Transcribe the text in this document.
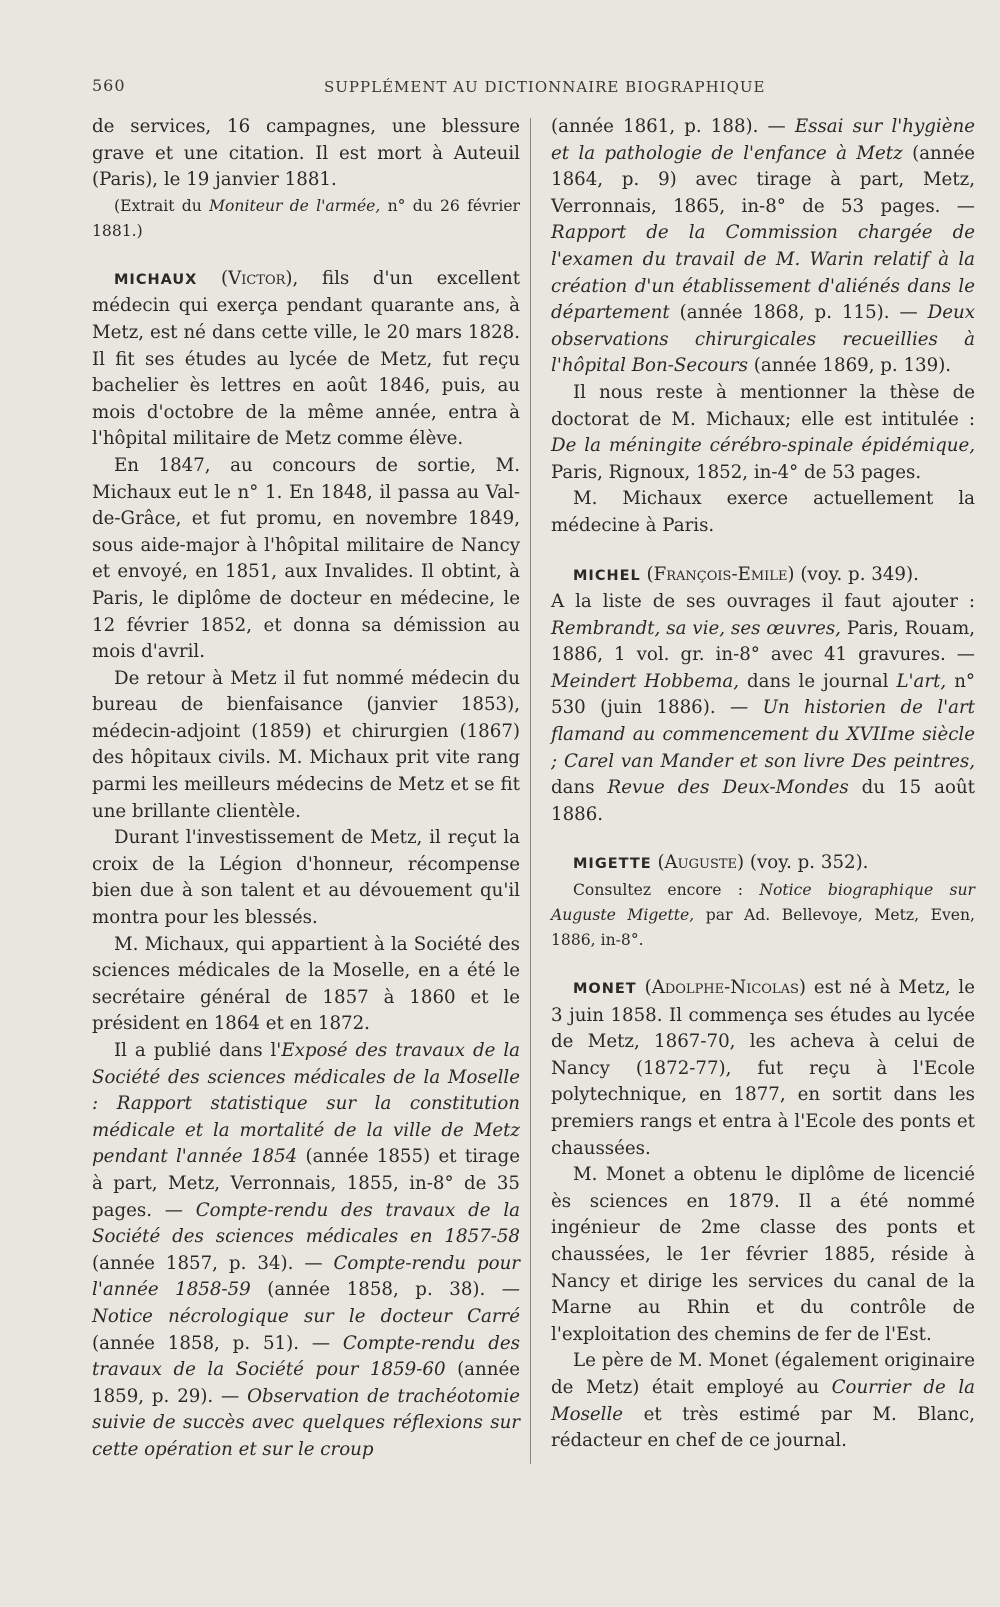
560	SUPPLÉMENT AU DICTIONNAIRE BIOGRAPHIQUE

de services, 16 campagnes, une blessure grave et une citation. Il est mort à Auteuil (Paris), le 19 janvier 1881.

(Extrait du Moniteur de l'armée, n° du 26 février 1881.)

MICHAUX (Victor), fils d'un excellent médecin qui exerça pendant quarante ans, à Metz, est né dans cette ville, le 20 mars 1828. Il fit ses études au lycée de Metz, fut reçu bachelier ès lettres en août 1846, puis, au mois d'octobre de la même année, entra à l'hôpital militaire de Metz comme élève.

En 1847, au concours de sortie, M. Michaux eut le n° 1. En 1848, il passa au Val-de-Grâce, et fut promu, en novembre 1849, sous aide-major à l'hôpital militaire de Nancy et envoyé, en 1851, aux Invalides. Il obtint, à Paris, le diplôme de docteur en médecine, le 12 février 1852, et donna sa démission au mois d'avril.

De retour à Metz il fut nommé médecin du bureau de bienfaisance (janvier 1853), médecin-adjoint (1859) et chirurgien (1867) des hôpitaux civils. M. Michaux prit vite rang parmi les meilleurs médecins de Metz et se fit une brillante clientèle.

Durant l'investissement de Metz, il reçut la croix de la Légion d'honneur, récompense bien due à son talent et au dévouement qu'il montra pour les blessés.

M. Michaux, qui appartient à la Société des sciences médicales de la Moselle, en a été le secrétaire général de 1857 à 1860 et le président en 1864 et en 1872.

Il a publié dans l'Exposé des travaux de la Société des sciences médicales de la Moselle : Rapport statistique sur la constitution médicale et la mortalité de la ville de Metz pendant l'année 1854 (année 1855) et tirage à part, Metz, Verronnais, 1855, in-8° de 35 pages. — Compte-rendu des travaux de la Société des sciences médicales en 1857-58 (année 1857, p. 34). — Compte-rendu pour l'année 1858-59 (année 1858, p. 38). — Notice nécrologique sur le docteur Carré (année 1858, p. 51). — Compte-rendu des travaux de la Société pour 1859-60 (année 1859, p. 29). — Observation de trachéotomie suivie de succès avec quelques réflexions sur cette opération et sur le croup

(année 1861, p. 188). — Essai sur l'hygiène et la pathologie de l'enfance à Metz (année 1864, p. 9) avec tirage à part, Metz, Verronnais, 1865, in-8° de 53 pages. — Rapport de la Commission chargée de l'examen du travail de M. Warin relatif à la création d'un établissement d'aliénés dans le département (année 1868, p. 115). — Deux observations chirurgicales recueillies à l'hôpital Bon-Secours (année 1869, p. 139).

Il nous reste à mentionner la thèse de doctorat de M. Michaux; elle est intitulée : De la méningite cérébro-spinale épidémique, Paris, Rignoux, 1852, in-4° de 53 pages.

M. Michaux exerce actuellement la médecine à Paris.

MICHEL (François-Emile) (voy. p. 349).

A la liste de ses ouvrages il faut ajouter : Rembrandt, sa vie, ses œuvres, Paris, Rouam, 1886, 1 vol. gr. in-8° avec 41 gravures. — Meindert Hobbema, dans le journal L'art, n° 530 (juin 1886). — Un historien de l'art flamand au commencement du XVIIme siècle ; Carel van Mander et son livre Des peintres, dans Revue des Deux-Mondes du 15 août 1886.

MIGETTE (Auguste) (voy. p. 352).

Consultez encore : Notice biographique sur Auguste Migette, par Ad. Bellevoye, Metz, Even, 1886, in-8°.

MONET (Adolphe-Nicolas) est né à Metz, le 3 juin 1858. Il commença ses études au lycée de Metz, 1867-70, les acheva à celui de Nancy (1872-77), fut reçu à l'Ecole polytechnique, en 1877, en sortit dans les premiers rangs et entra à l'Ecole des ponts et chaussées.

M. Monet a obtenu le diplôme de licencié ès sciences en 1879. Il a été nommé ingénieur de 2me classe des ponts et chaussées, le 1er février 1885, réside à Nancy et dirige les services du canal de la Marne au Rhin et du contrôle de l'exploitation des chemins de fer de l'Est.

Le père de M. Monet (également originaire de Metz) était employé au Courrier de la Moselle et très estimé par M. Blanc, rédacteur en chef de ce journal.
